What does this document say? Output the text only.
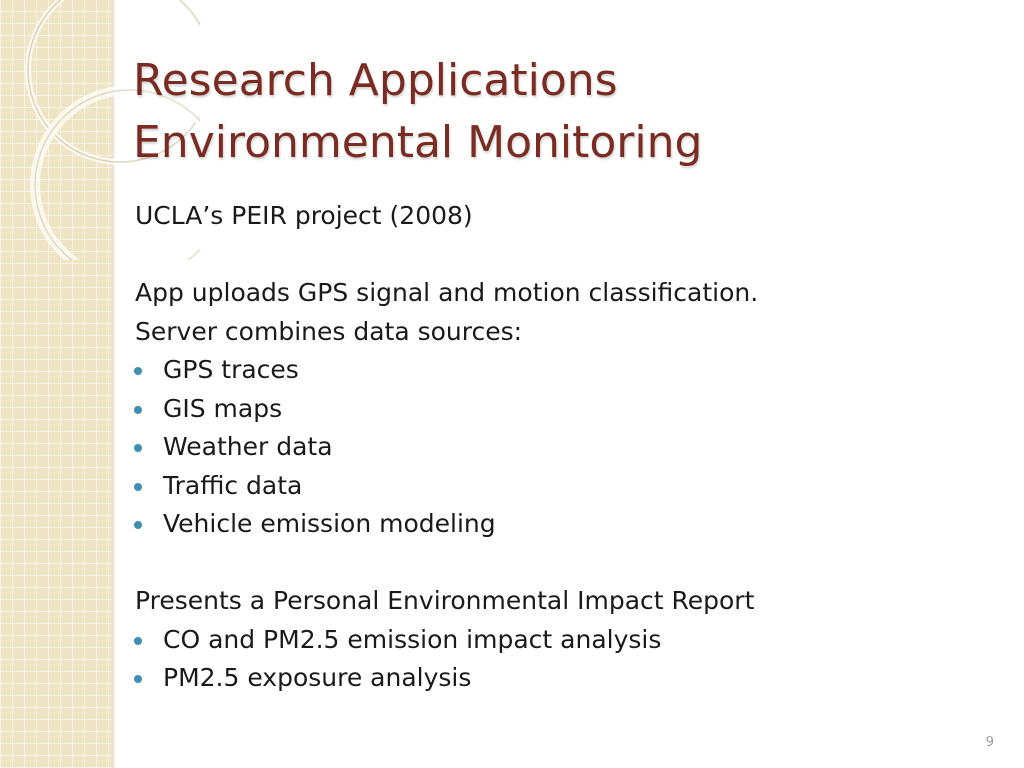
Research Applications
Environmental Monitoring
UCLA’s PEIR project (2008)
App uploads GPS signal and motion classification.
Server combines data sources:
GPS traces
GIS maps
Weather data
Traffic data
Vehicle emission modeling
Presents a Personal Environmental Impact Report
CO and PM2.5 emission impact analysis
PM2.5 exposure analysis
9
